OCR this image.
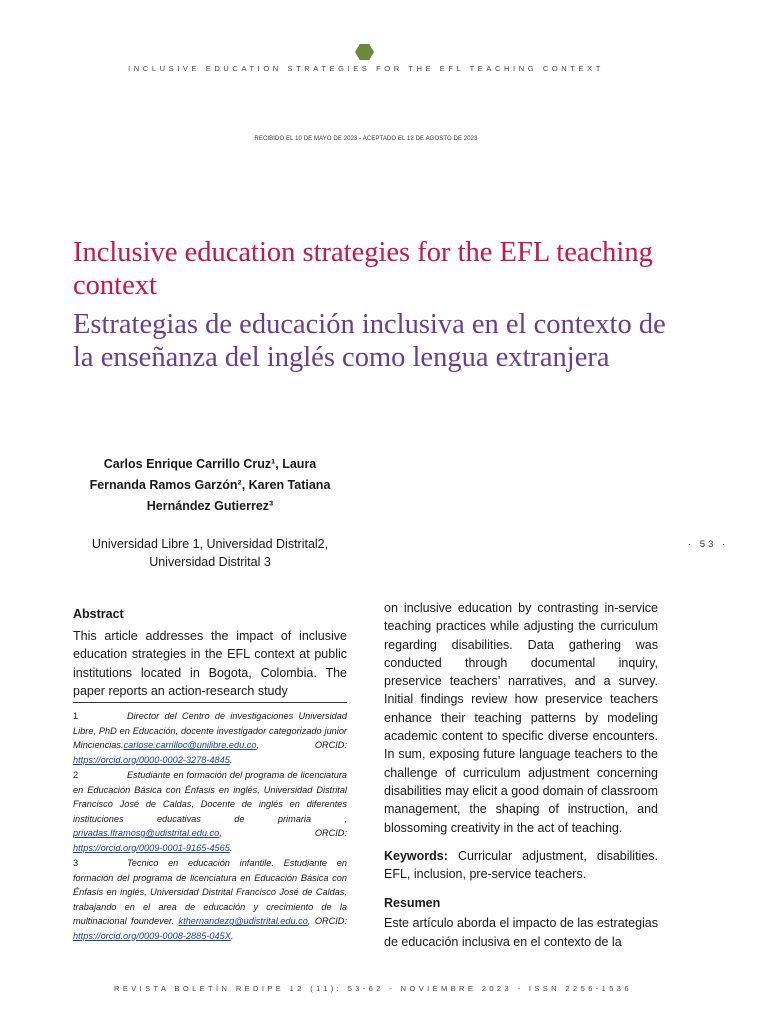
INCLUSIVE EDUCATION STRATEGIES FOR THE EFL TEACHING CONTEXT
RECIBIDO EL 10 DE MAYO DE 2023 - ACEPTADO EL 12 DE AGOSTO DE 2023
Inclusive education strategies for the EFL teaching context
Estrategias de educación inclusiva en el contexto de la enseñanza del inglés como lengua extranjera
Carlos Enrique Carrillo Cruz¹, Laura
Fernanda Ramos Garzón², Karen Tatiana
Hernández Gutierrez³
Universidad Libre 1, Universidad Distrital2,
Universidad Distrital 3
· 53 ·
Abstract

This article addresses the impact of inclusive education strategies in the EFL context at public institutions located in Bogota, Colombia. The paper reports an action-research study

1	Director del Centro de investigaciones Universidad Libre, PhD en Educación, docente investigador categorizado junior Minciencias.carlose.carrilloc@unilibre.edu.co, ORCID: https://orcid.org/0000-0002-3278-4845.

2	Estudiante en formación del programa de licenciatura en Educación Básica con Énfasis en inglés, Universidad Distrital Francisco José de Caldas, Docente de inglés en diferentes instituciones educativas de primaria , privadas.lframosg@udistrital.edu.co, ORCID: https://orcid.org/0009-0001-9165-4565.

3	Tecnico en educación infantile. Estudiante en formación del programa de licenciatura en Educación Básica con Énfasis en inglés, Universidad Distrital Francisco José de Caldas, trabajando en el area de educación y crecimiento de la multinacional foundever. kthernandezg@udistrital.edu.co, ORCID: https://orcid.org/0009-0008-2885-045X.

on inclusive education by contrasting in-service teaching practices while adjusting the curriculum regarding disabilities. Data gathering was conducted through documental inquiry, preservice teachers’ narratives, and a survey. Initial findings review how preservice teachers enhance their teaching patterns by modeling academic content to specific diverse encounters. In sum, exposing future language teachers to the challenge of curriculum adjustment concerning disabilities may elicit a good domain of classroom management, the shaping of instruction, and blossoming creativity in the act of teaching.

Keywords: Curricular adjustment, disabilities. EFL, inclusion, pre-service teachers.

Resumen

Este artículo aborda el impacto de las estrategias de educación inclusiva en el contexto de la

REVISTA BOLETÍN REDIPE 12 (11): 53-62 - NOVIEMBRE 2023 - ISSN 2256-1536
